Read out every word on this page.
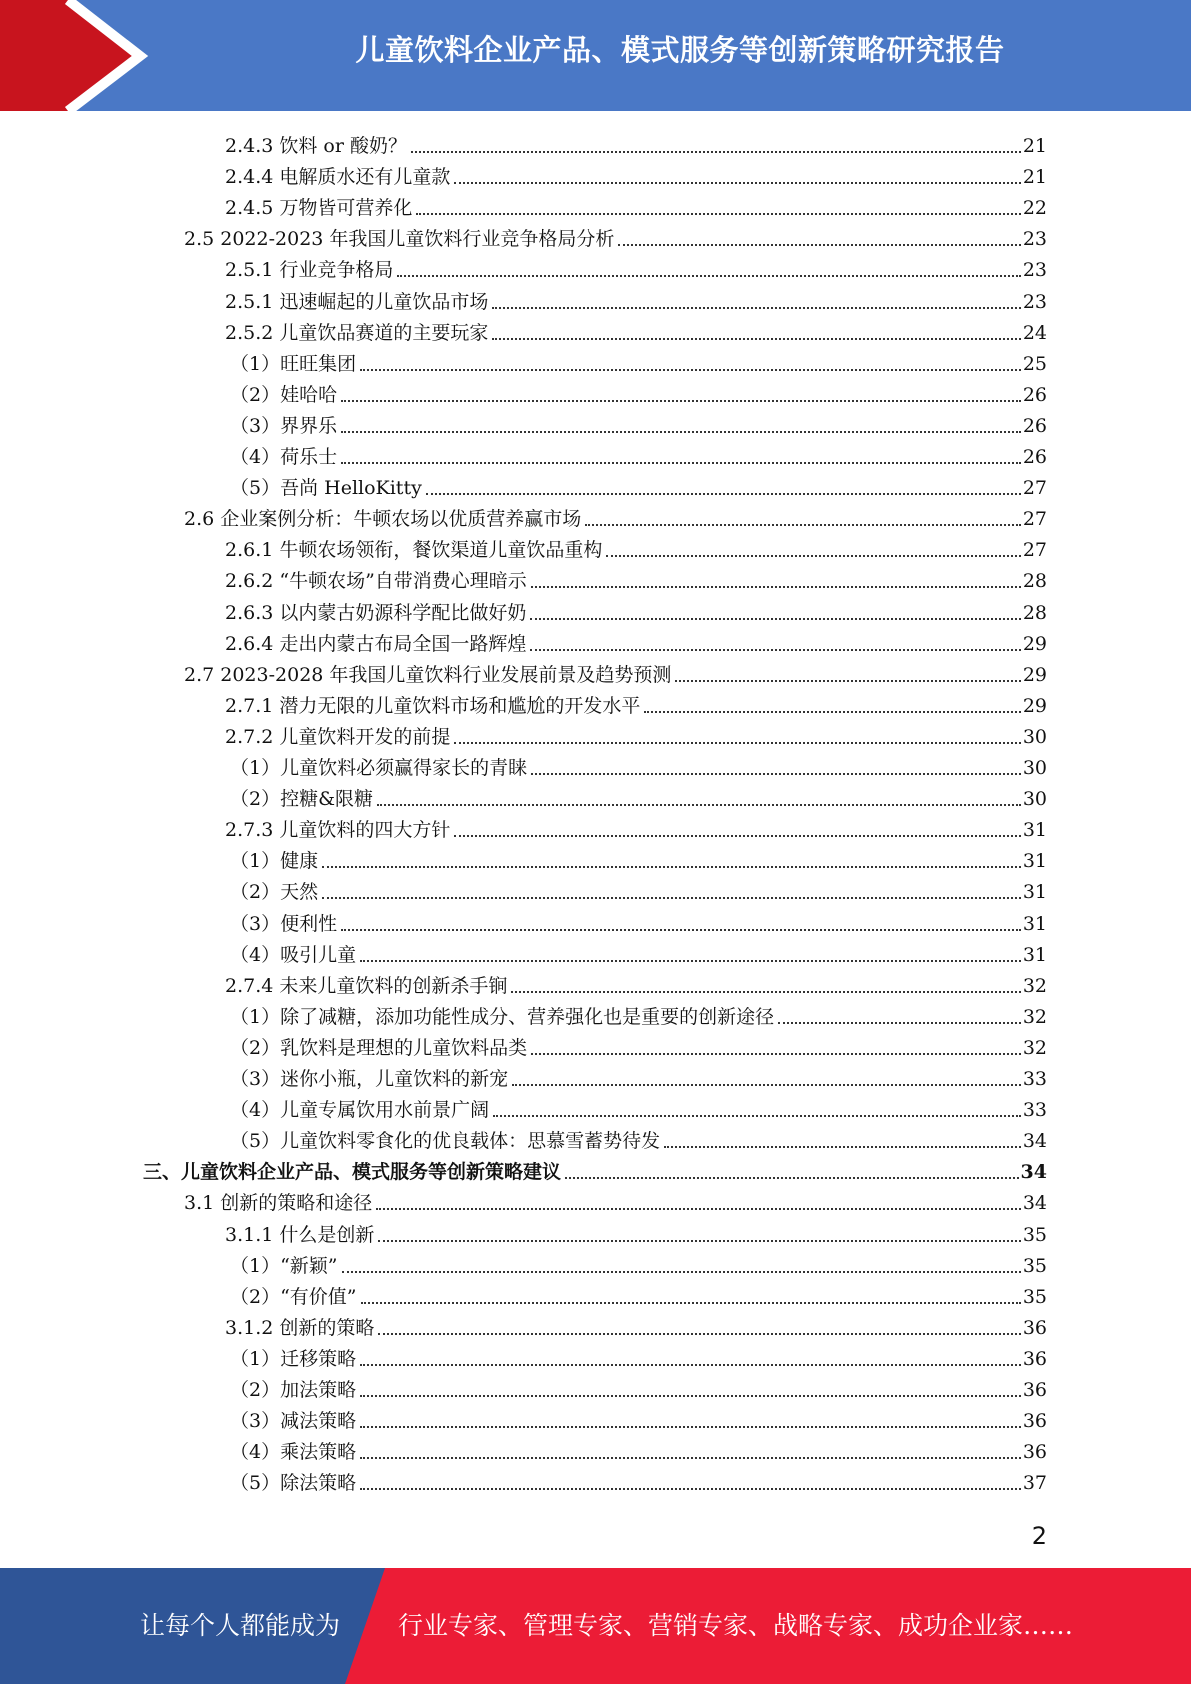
儿童饮料企业产品、模式服务等创新策略研究报告
2.4.3 饮料 or 酸奶？	21
2.4.4 电解质水还有儿童款	21
2.4.5 万物皆可营养化	22
2.5 2022-2023 年我国儿童饮料行业竞争格局分析	23
2.5.1 行业竞争格局	23
2.5.1 迅速崛起的儿童饮品市场	23
2.5.2 儿童饮品赛道的主要玩家	24
（1）旺旺集团	25
（2）娃哈哈	26
（3）界界乐	26
（4）荷乐士	26
（5）吾尚 HelloKitty	27
2.6 企业案例分析：牛顿农场以优质营养赢市场	27
2.6.1 牛顿农场领衔，餐饮渠道儿童饮品重构	27
2.6.2 “牛顿农场”自带消费心理暗示	28
2.6.3 以内蒙古奶源科学配比做好奶	28
2.6.4 走出内蒙古布局全国一路辉煌	29
2.7 2023-2028 年我国儿童饮料行业发展前景及趋势预测	29
2.7.1 潜力无限的儿童饮料市场和尴尬的开发水平	29
2.7.2 儿童饮料开发的前提	30
（1）儿童饮料必须赢得家长的青睐	30
（2）控糖&限糖	30
2.7.3 儿童饮料的四大方针	31
（1）健康	31
（2）天然	31
（3）便利性	31
（4）吸引儿童	31
2.7.4 未来儿童饮料的创新杀手锏	32
（1）除了减糖，添加功能性成分、营养强化也是重要的创新途径	32
（2）乳饮料是理想的儿童饮料品类	32
（3）迷你小瓶，儿童饮料的新宠	33
（4）儿童专属饮用水前景广阔	33
（5）儿童饮料零食化的优良载体：思慕雪蓄势待发	34
三、儿童饮料企业产品、模式服务等创新策略建议	34
3.1 创新的策略和途径	34
3.1.1 什么是创新	35
（1）“新颖”	35
（2）“有价值”	35
3.1.2 创新的策略	36
（1）迁移策略	36
（2）加法策略	36
（3）减法策略	36
（4）乘法策略	36
（5）除法策略	37
2
让每个人都能成为 行业专家、管理专家、营销专家、战略专家、成功企业家……
